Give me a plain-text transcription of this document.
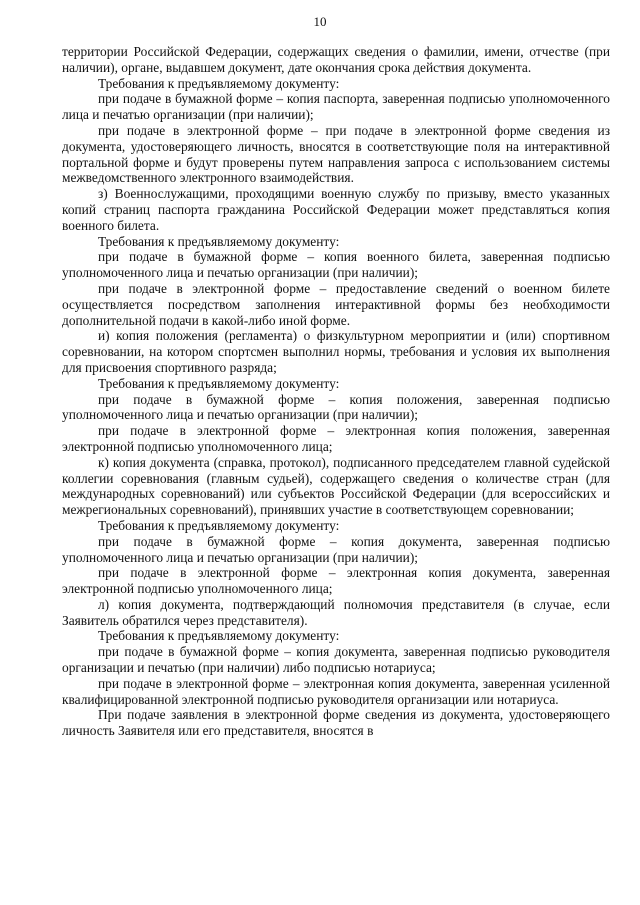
10

территории Российской Федерации, содержащих сведения о фамилии, имени, отчестве (при наличии), органе, выдавшем документ, дате окончания срока действия документа.

Требования к предъявляемому документу:

при подаче в бумажной форме – копия паспорта, заверенная подписью уполномоченного лица и печатью организации (при наличии);

при подаче в электронной форме – при подаче в электронной форме сведения из документа, удостоверяющего личность, вносятся в соответствующие поля на интерактивной портальной форме и будут проверены путем направления запроса с использованием системы межведомственного электронного взаимодействия.

з) Военнослужащими, проходящими военную службу по призыву, вместо указанных копий страниц паспорта гражданина Российской Федерации может представляться копия военного билета.

Требования к предъявляемому документу:

при подаче в бумажной форме – копия военного билета, заверенная подписью уполномоченного лица и печатью организации (при наличии);

при подаче в электронной форме – предоставление сведений о военном билете осуществляется посредством заполнения интерактивной формы без необходимости дополнительной подачи в какой-либо иной форме.

и) копия положения (регламента) о физкультурном мероприятии и (или) спортивном соревновании, на котором спортсмен выполнил нормы, требования и условия их выполнения для присвоения спортивного разряда;

Требования к предъявляемому документу:

при подаче в бумажной форме – копия положения, заверенная подписью уполномоченного лица и печатью организации (при наличии);

при подаче в электронной форме – электронная копия положения, заверенная электронной подписью уполномоченного лица;

к) копия документа (справка, протокол), подписанного председателем главной судейской коллегии соревнования (главным судьей), содержащего сведения о количестве стран (для международных соревнований) или субъектов Российской Федерации (для всероссийских и межрегиональных соревнований), принявших участие в соответствующем соревновании;

Требования к предъявляемому документу:

при подаче в бумажной форме – копия документа, заверенная подписью уполномоченного лица и печатью организации (при наличии);

при подаче в электронной форме – электронная копия документа, заверенная электронной подписью уполномоченного лица;

л) копия документа, подтверждающий полномочия представителя (в случае, если Заявитель обратился через представителя).

Требования к предъявляемому документу:

при подаче в бумажной форме – копия документа, заверенная подписью руководителя организации и печатью (при наличии) либо подписью нотариуса;

при подаче в электронной форме – электронная копия документа, заверенная усиленной квалифицированной электронной подписью руководителя организации или нотариуса.

При подаче заявления в электронной форме сведения из документа, удостоверяющего личность Заявителя или его представителя, вносятся в
